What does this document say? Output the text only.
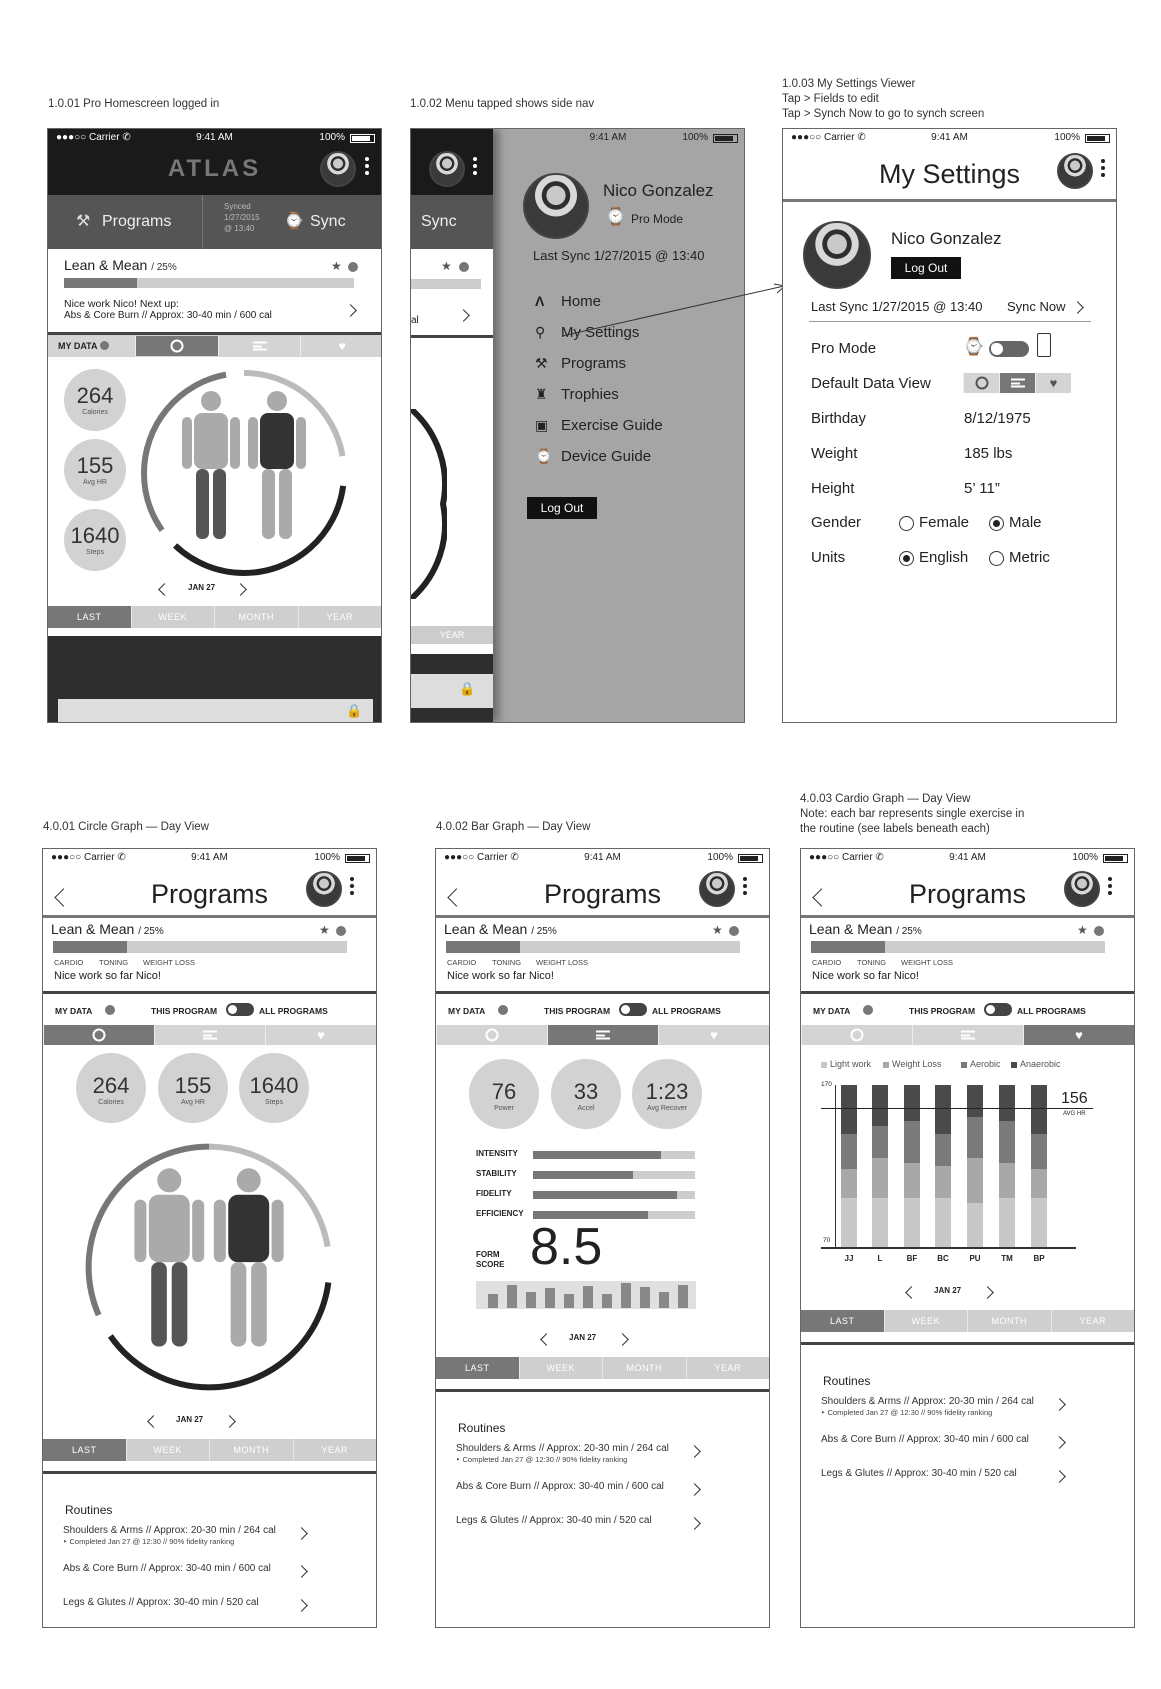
1.0.01 Pro Homescreen logged in	1.0.02 Menu tapped shows side nav
1.0.03 My Settings Viewer
Tap > Fields to edit
Tap > Synch Now to go to synch screen
4.0.01 Circle Graph — Day View	4.0.02 Bar Graph — Day View
4.0.03 Cardio Graph — Day View
Note: each bar represents single exercise in
the routine (see labels beneath each)
●●●○○ Carrier ✆	9:41 AM	100%
ATLAS
⚒ Programs
Synced
1/27/2015
@ 13:40	⌚ Sync
Lean & Mean / 25%	★
Nice work Nico! Next up:
Abs & Core Burn // Approx: 30-40 min / 600 cal
MY DATA	♥
264
Calories
155
Avg HR
1640
Steps
JAN 27
LAST	WEEK	MONTH	YEAR
🔒
Sync
★
al
YEAR
🔒
9:41 AM	100%
Nico Gonzalez
⌚ Pro Mode
Last Sync 1/27/2015 @ 13:40
Λ Home
⚲ My Settings
⚒ Programs
♜ Trophies
▣ Exercise Guide
⌚ Device Guide
Log Out
●●●○○ Carrier ✆	9:41 AM	100%
My Settings
Nico Gonzalez
Log Out
Last Sync 1/27/2015 @ 13:40 Sync Now
Pro Mode	⌚
Default Data View	♥
Birthday	8/12/1975
Weight	185 lbs
Height	5’ 11”
Gender	Female	Male
Units	English	Metric
●●●○○ Carrier ✆	9:41 AM	100%
Programs
Lean & Mean / 25%	★
CARDIO TONING WEIGHT LOSS
Nice work so far Nico!
MY DATA	THIS PROGRAM	ALL PROGRAMS
♥
264
Calories
155
Avg HR
1640
Steps
JAN 27
LAST	WEEK	MONTH	YEAR
Routines
Shoulders & Arms // Approx: 20-30 min / 264 cal
‣ Completed Jan 27 @ 12:30 // 90% fidelity ranking
Abs & Core Burn // Approx: 30-40 min / 600 cal
Legs & Glutes // Approx: 30-40 min / 520 cal
●●●○○ Carrier ✆	9:41 AM	100%
Programs
Lean & Mean / 25%	★
CARDIO TONING WEIGHT LOSS
Nice work so far Nico!
MY DATA	THIS PROGRAM	ALL PROGRAMS
♥
76
Power
33
Accel
1:23
Avg Recover
INTENSITY
STABILITY
FIDELITY
EFFICIENCY
FORM
SCORE 8.5
JAN 27
LAST	WEEK	MONTH	YEAR
Routines
Shoulders & Arms // Approx: 20-30 min / 264 cal
‣ Completed Jan 27 @ 12:30 // 90% fidelity ranking
Abs & Core Burn // Approx: 30-40 min / 600 cal
Legs & Glutes // Approx: 30-40 min / 520 cal
●●●○○ Carrier ✆	9:41 AM	100%
Programs
Lean & Mean / 25%	★
CARDIO TONING WEIGHT LOSS
Nice work so far Nico!
MY DATA	THIS PROGRAM	ALL PROGRAMS
♥
Light work Weight Loss	Aerobic Anaerobic
170
70
JJ	L	BF	BC	PU	TM	BP
156
AVG HR
JAN 27
LAST	WEEK	MONTH	YEAR
Routines
Shoulders & Arms // Approx: 20-30 min / 264 cal
‣ Completed Jan 27 @ 12:30 // 90% fidelity ranking
Abs & Core Burn // Approx: 30-40 min / 600 cal
Legs & Glutes // Approx: 30-40 min / 520 cal
